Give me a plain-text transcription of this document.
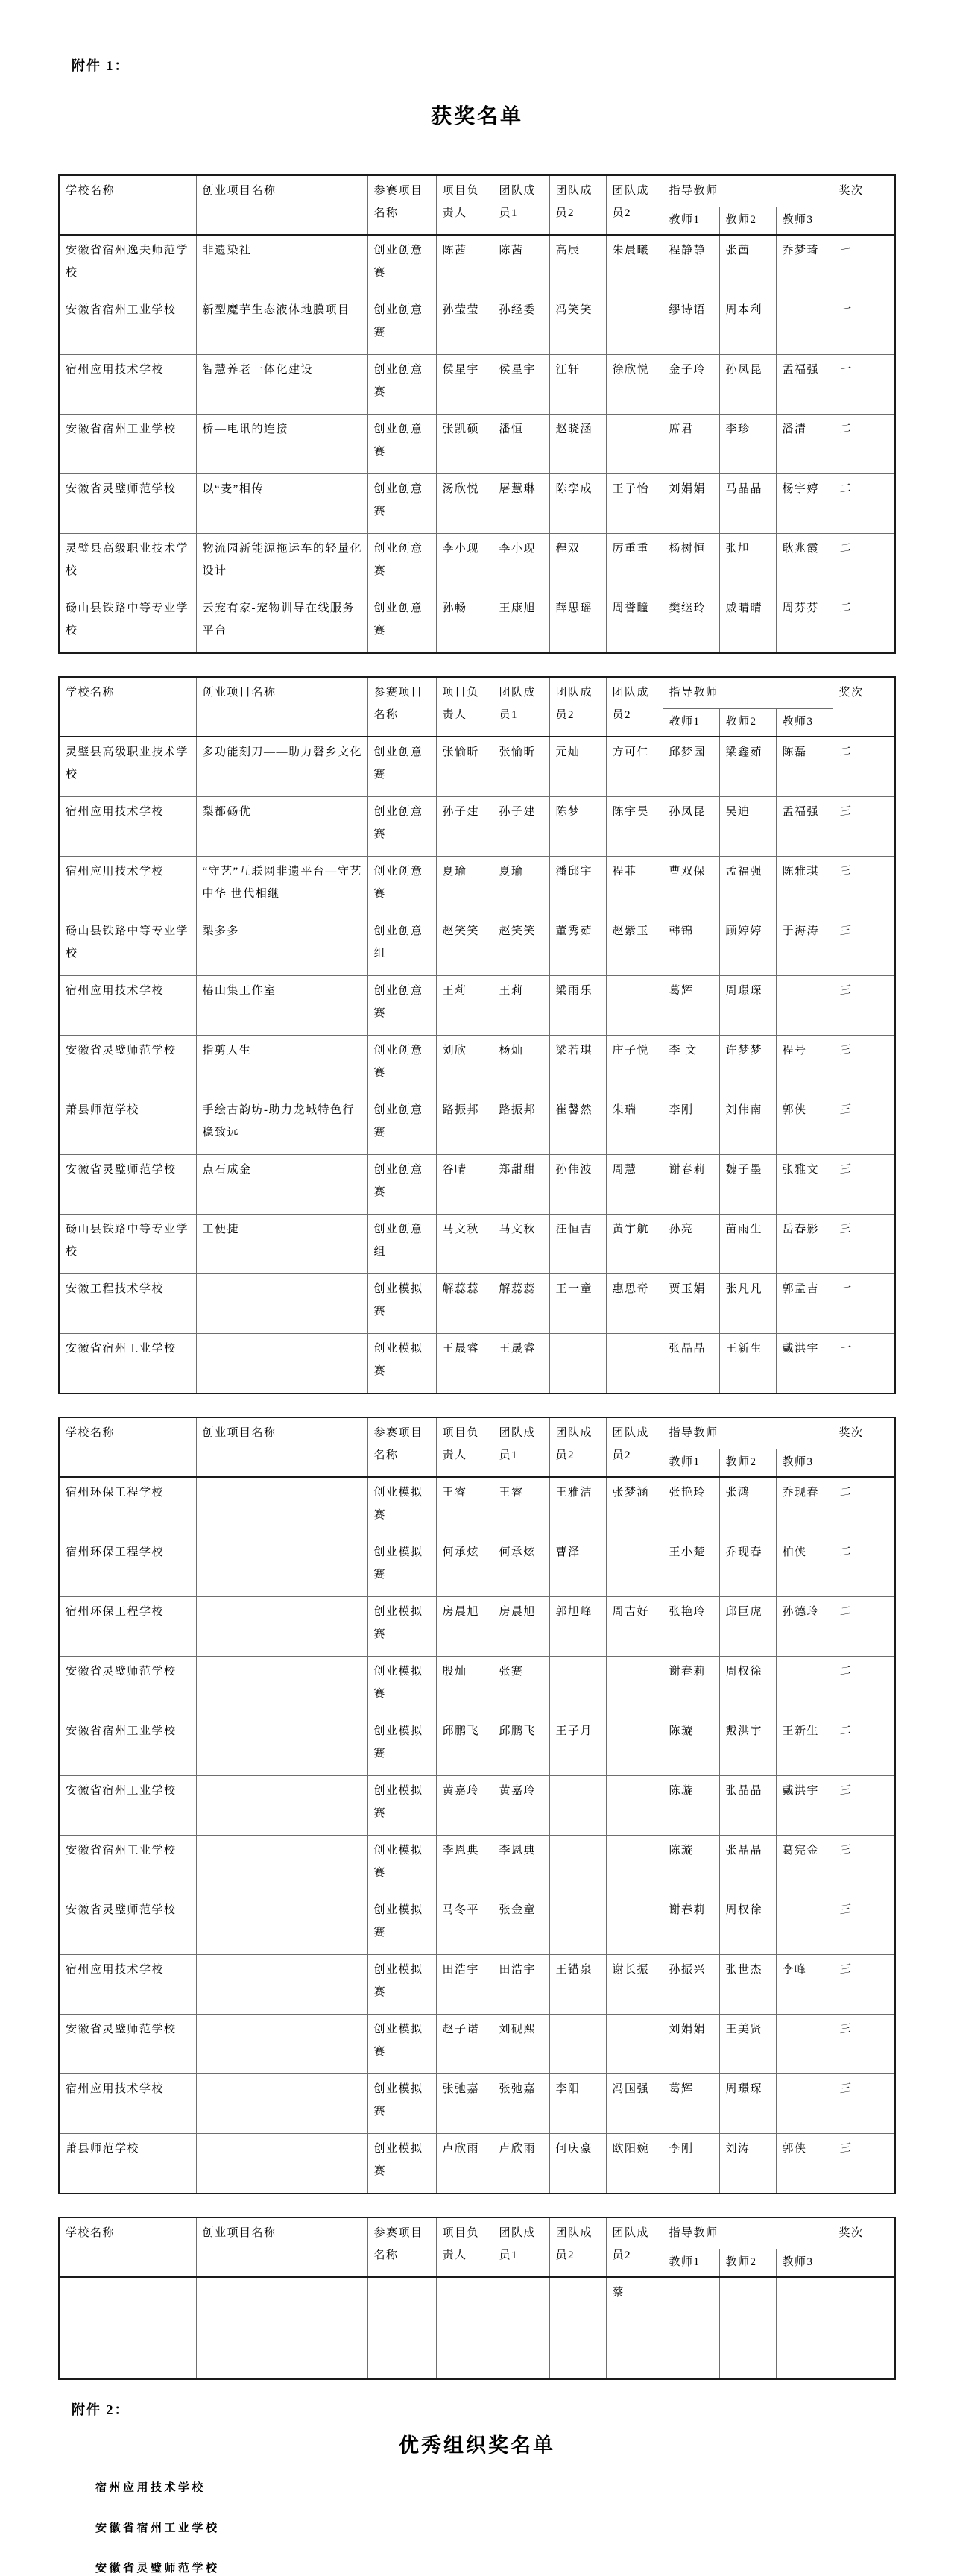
附件 1：
获奖名单
学校名称	创业项目名称	参赛项目名称	项目负责人	团队成员1	团队成员2	团队成员2	指导教师			奖次
							教师1	教师2	教师3	
安徽省宿州逸夫师范学校	非遗染社	创业创意赛	陈茜	陈茜	高辰	朱晨曦	程静静	张莤	乔梦琦	一
安徽省宿州工业学校	新型魔芋生态液体地膜项目	创业创意赛	孙莹莹	孙经委	冯笑笑		缪诗语	周本利		一
宿州应用技术学校	智慧养老一体化建设	创业创意赛	侯星宇	侯星宇	江轩	徐欣悦	金子玲	孙凤昆	孟福强	一
安徽省宿州工业学校	桥—电讯的连接	创业创意赛	张凯硕	潘恒	赵晓涵		席君	李珍	潘清	二
安徽省灵璧师范学校	以“麦”相传	创业创意赛	汤欣悦	屠慧琳	陈孪成	王子怡	刘娟娟	马晶晶	杨宇婷	二
灵璧县高级职业技术学校	物流园新能源拖运车的轻量化设计	创业创意赛	李小现	李小现	程双	厉重重	杨树恒	张旭	耿兆霞	二
砀山县铁路中等专业学校	云宠有家-宠物训导在线服务平台	创业创意赛	孙畅	王康旭	薛思瑶	周誉瞳	樊继玲	戚晴晴	周芬芬	二
学校名称	创业项目名称	参赛项目名称	项目负责人	团队成员1	团队成员2	团队成员2	指导教师			奖次
							教师1	教师2	教师3	
灵璧县高级职业技术学校	多功能刻刀——助力磬乡文化	创业创意赛	张愉昕	张愉昕	元灿	方可仁	邱梦园	梁鑫茹	陈磊	二
宿州应用技术学校	梨都砀优	创业创意赛	孙子建	孙子建	陈梦	陈宇昊	孙凤昆	吴迪	孟福强	三
宿州应用技术学校	“守艺”互联网非遗平台—守艺中华 世代相继	创业创意赛	夏瑜	夏瑜	潘邱宇	程菲	曹双保	孟福强	陈雅琪	三
砀山县铁路中等专业学校	梨多多	创业创意组	赵笑笑	赵笑笑	董秀茹	赵紫玉	韩锦	顾婷婷	于海涛	三
宿州应用技术学校	椿山集工作室	创业创意赛	王莉	王莉	梁雨乐		葛辉	周璟琛		三
安徽省灵璧师范学校	指剪人生	创业创意赛	刘欣	杨灿	梁若琪	庄子悦	李 文	许梦梦	程号	三
萧县师范学校	手绘古韵坊-助力龙城特色行稳致远	创业创意赛	路振邦	路振邦	崔馨然	朱瑞	李刚	刘伟南	郭侠	三
安徽省灵璧师范学校	点石成金	创业创意赛	谷晴	郑甜甜	孙伟波	周慧	谢春莉	魏子墨	张雅文	三
砀山县铁路中等专业学校	工便捷	创业创意组	马文秋	马文秋	汪恒吉	黄宇航	孙亮	苗雨生	岳春影	三
安徽工程技术学校		创业模拟赛	解蕊蕊	解蕊蕊	王一童	惠思奇	贾玉娟	张凡凡	郭孟吉	一
安徽省宿州工业学校		创业模拟赛	王晟睿	王晟睿			张晶晶	王新生	戴洪宇	一
学校名称	创业项目名称	参赛项目名称	项目负责人	团队成员1	团队成员2	团队成员2	指导教师			奖次
							教师1	教师2	教师3	
宿州环保工程学校		创业模拟赛	王睿	王睿	王雅洁	张梦涵	张艳玲	张鸿	乔现春	二
宿州环保工程学校		创业模拟赛	何承炫	何承炫	曹泽		王小楚	乔现春	柏侠	二
宿州环保工程学校		创业模拟赛	房晨旭	房晨旭	郭旭峰	周吉好	张艳玲	邱巨虎	孙德玲	二
安徽省灵璧师范学校		创业模拟赛	殷灿	张赛			谢春莉	周权徐		二
安徽省宿州工业学校		创业模拟赛	邱鹏飞	邱鹏飞	王子月		陈璇	戴洪宇	王新生	二
安徽省宿州工业学校		创业模拟赛	黄嘉玲	黄嘉玲			陈璇	张晶晶	戴洪宇	三
安徽省宿州工业学校		创业模拟赛	李恩典	李恩典			陈璇	张晶晶	葛宪金	三
安徽省灵璧师范学校		创业模拟赛	马冬平	张金童			谢春莉	周权徐		三
宿州应用技术学校		创业模拟赛	田浩宇	田浩宇	王错泉	谢长振	孙振兴	张世杰	李峰	三
安徽省灵璧师范学校		创业模拟赛	赵子诺	刘砚熙			刘娟娟	王美贤		三
宿州应用技术学校		创业模拟赛	张弛嘉	张弛嘉	李阳	冯国强	葛辉	周璟琛		三
萧县师范学校		创业模拟赛	卢欣雨	卢欣雨	何庆豪	欧阳婉	李刚	刘涛	郭侠	三
学校名称	创业项目名称	参赛项目名称	项目负责人	团队成员1	团队成员2	团队成员2	指导教师			奖次
							教师1	教师2	教师3	
						蔡				
附件 2：
优秀组织奖名单
宿州应用技术学校
安徽省宿州工业学校
安徽省灵璧师范学校
